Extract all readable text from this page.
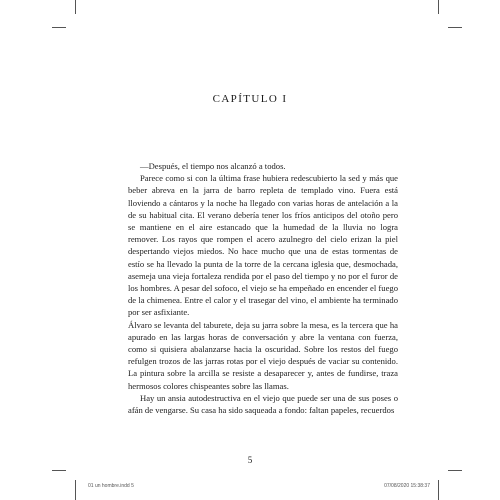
CAPÍTULO I

—Después, el tiempo nos alcanzó a todos.

Parece como si con la última frase hubiera redescubierto la sed y más que beber abreva en la jarra de barro repleta de templado vino. Fuera está lloviendo a cántaros y la noche ha llegado con varias horas de antelación a la de su habitual cita. El verano debería tener los fríos anticipos del otoño pero se mantiene en el aire estancado que la humedad de la lluvia no logra remover. Los rayos que rompen el acero azulnegro del cielo erizan la piel despertando viejos miedos. No hace mucho que una de estas tormentas de estío se ha llevado la punta de la torre de la cercana iglesia que, desmochada, asemeja una vieja fortaleza rendida por el paso del tiempo y no por el furor de los hombres. A pesar del sofoco, el viejo se ha empeñado en encender el fuego de la chimenea. Entre el calor y el trasegar del vino, el ambiente ha terminado por ser asfixiante.

Álvaro se levanta del taburete, deja su jarra sobre la mesa, es la tercera que ha apurado en las largas horas de conversación y abre la ventana con fuerza, como si quisiera abalanzarse hacia la oscuridad. Sobre los restos del fuego refulgen trozos de las jarras rotas por el viejo después de vaciar su contenido. La pintura sobre la arcilla se resiste a desaparecer y, antes de fundirse, traza hermosos colores chispeantes sobre las llamas.

Hay un ansia autodestructiva en el viejo que puede ser una de sus poses o afán de vengarse. Su casa ha sido saqueada a fondo: faltan papeles, recuerdos

5
01 un hombre.indd 5	07/08/2020 15:38:37
